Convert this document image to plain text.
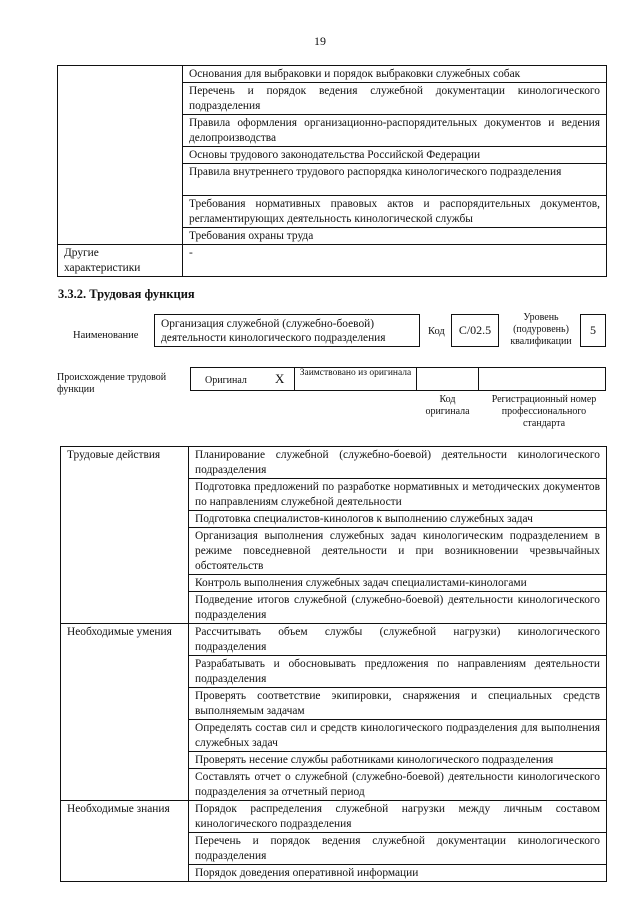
19
	Основания для выбраковки и порядок выбраковки служебных собак
	Перечень и порядок ведения служебной документации кинологического подразделения
	Правила оформления организационно-распорядительных документов и ведения делопроизводства
	Основы трудового законодательства Российской Федерации
	Правила внутреннего трудового распорядка кинологического подразделения
	Требования нормативных правовых актов и распорядительных документов, регламентирующих деятельность кинологической службы
	Требования охраны труда
Другие характеристики	-
3.3.2. Трудовая функция
Наименование
Организация служебной (служебно-боевой) деятельности кинологического подразделения
Код	C/02.5
Уровень (подуровень) квалификации
5
Происхождение трудовой функции
Оригинал X	Заимствовано из оригинала
Код оригинала
Регистрационный номер профессионального стандарта
Трудовые действия	Планирование служебной (служебно-боевой) деятельности кинологического подразделения
	Подготовка предложений по разработке нормативных и методических документов по направлениям служебной деятельности
	Подготовка специалистов-кинологов к выполнению служебных задач
	Организация выполнения служебных задач кинологическим подразделением в режиме повседневной деятельности и при возникновении чрезвычайных обстоятельств
	Контроль выполнения служебных задач специалистами-кинологами
	Подведение итогов служебной (служебно-боевой) деятельности кинологического подразделения
Необходимые умения	Рассчитывать объем службы (служебной нагрузки) кинологического подразделения
	Разрабатывать и обосновывать предложения по направлениям деятельности подразделения
	Проверять соответствие экипировки, снаряжения и специальных средств выполняемым задачам
	Определять состав сил и средств кинологического подразделения для выполнения служебных задач
	Проверять несение службы работниками кинологического подразделения
	Составлять отчет о служебной (служебно-боевой) деятельности кинологического подразделения за отчетный период
Необходимые знания	Порядок распределения служебной нагрузки между личным составом кинологического подразделения
	Перечень и порядок ведения служебной документации кинологического подразделения
	Порядок доведения оперативной информации
